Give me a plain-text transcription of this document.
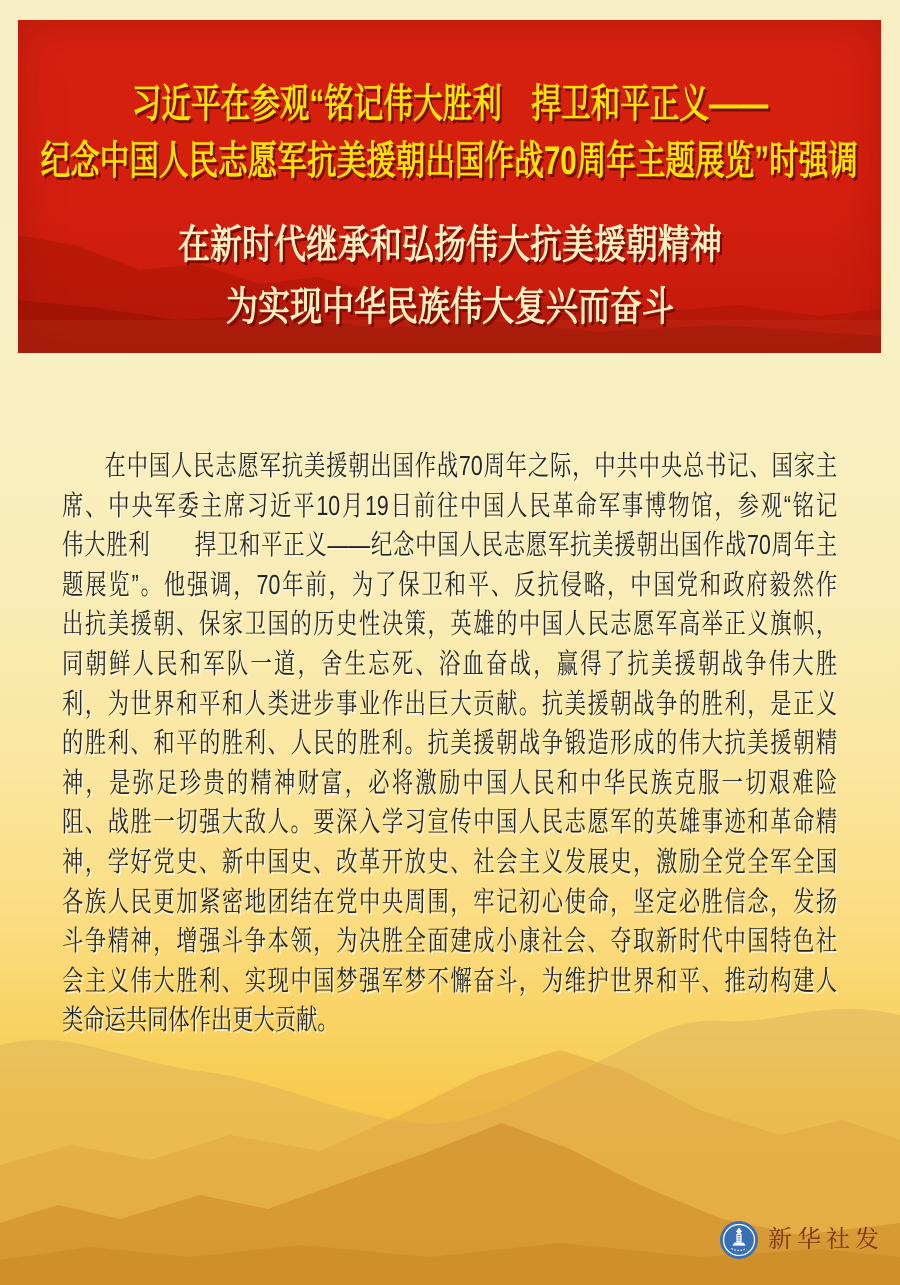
习近平在参观“铭记伟大胜利　捍卫和平正义——
纪念中国人民志愿军抗美援朝出国作战70周年主题展览”时强调
在新时代继承和弘扬伟大抗美援朝精神
为实现中华民族伟大复兴而奋斗
在中国人民志愿军抗美援朝出国作战70周年之际，中共中央总书记、国家主
席、中央军委主席习近平10月19日前往中国人民革命军事博物馆，参观“铭记
伟大胜利　　捍卫和平正义——纪念中国人民志愿军抗美援朝出国作战70周年主
题展览”。他强调，70年前，为了保卫和平、反抗侵略，中国党和政府毅然作
出抗美援朝、保家卫国的历史性决策，英雄的中国人民志愿军高举正义旗帜，
同朝鲜人民和军队一道，舍生忘死、浴血奋战，赢得了抗美援朝战争伟大胜
利，为世界和平和人类进步事业作出巨大贡献。抗美援朝战争的胜利，是正义
的胜利、和平的胜利、人民的胜利。抗美援朝战争锻造形成的伟大抗美援朝精
神，是弥足珍贵的精神财富，必将激励中国人民和中华民族克服一切艰难险
阻、战胜一切强大敌人。要深入学习宣传中国人民志愿军的英雄事迹和革命精
神，学好党史、新中国史、改革开放史、社会主义发展史，激励全党全军全国
各族人民更加紧密地团结在党中央周围，牢记初心使命，坚定必胜信念，发扬
斗争精神，增强斗争本领，为决胜全面建成小康社会、夺取新时代中国特色社
会主义伟大胜利、实现中国梦强军梦不懈奋斗，为维护世界和平、推动构建人
类命运共同体作出更大贡献。
新华社发
